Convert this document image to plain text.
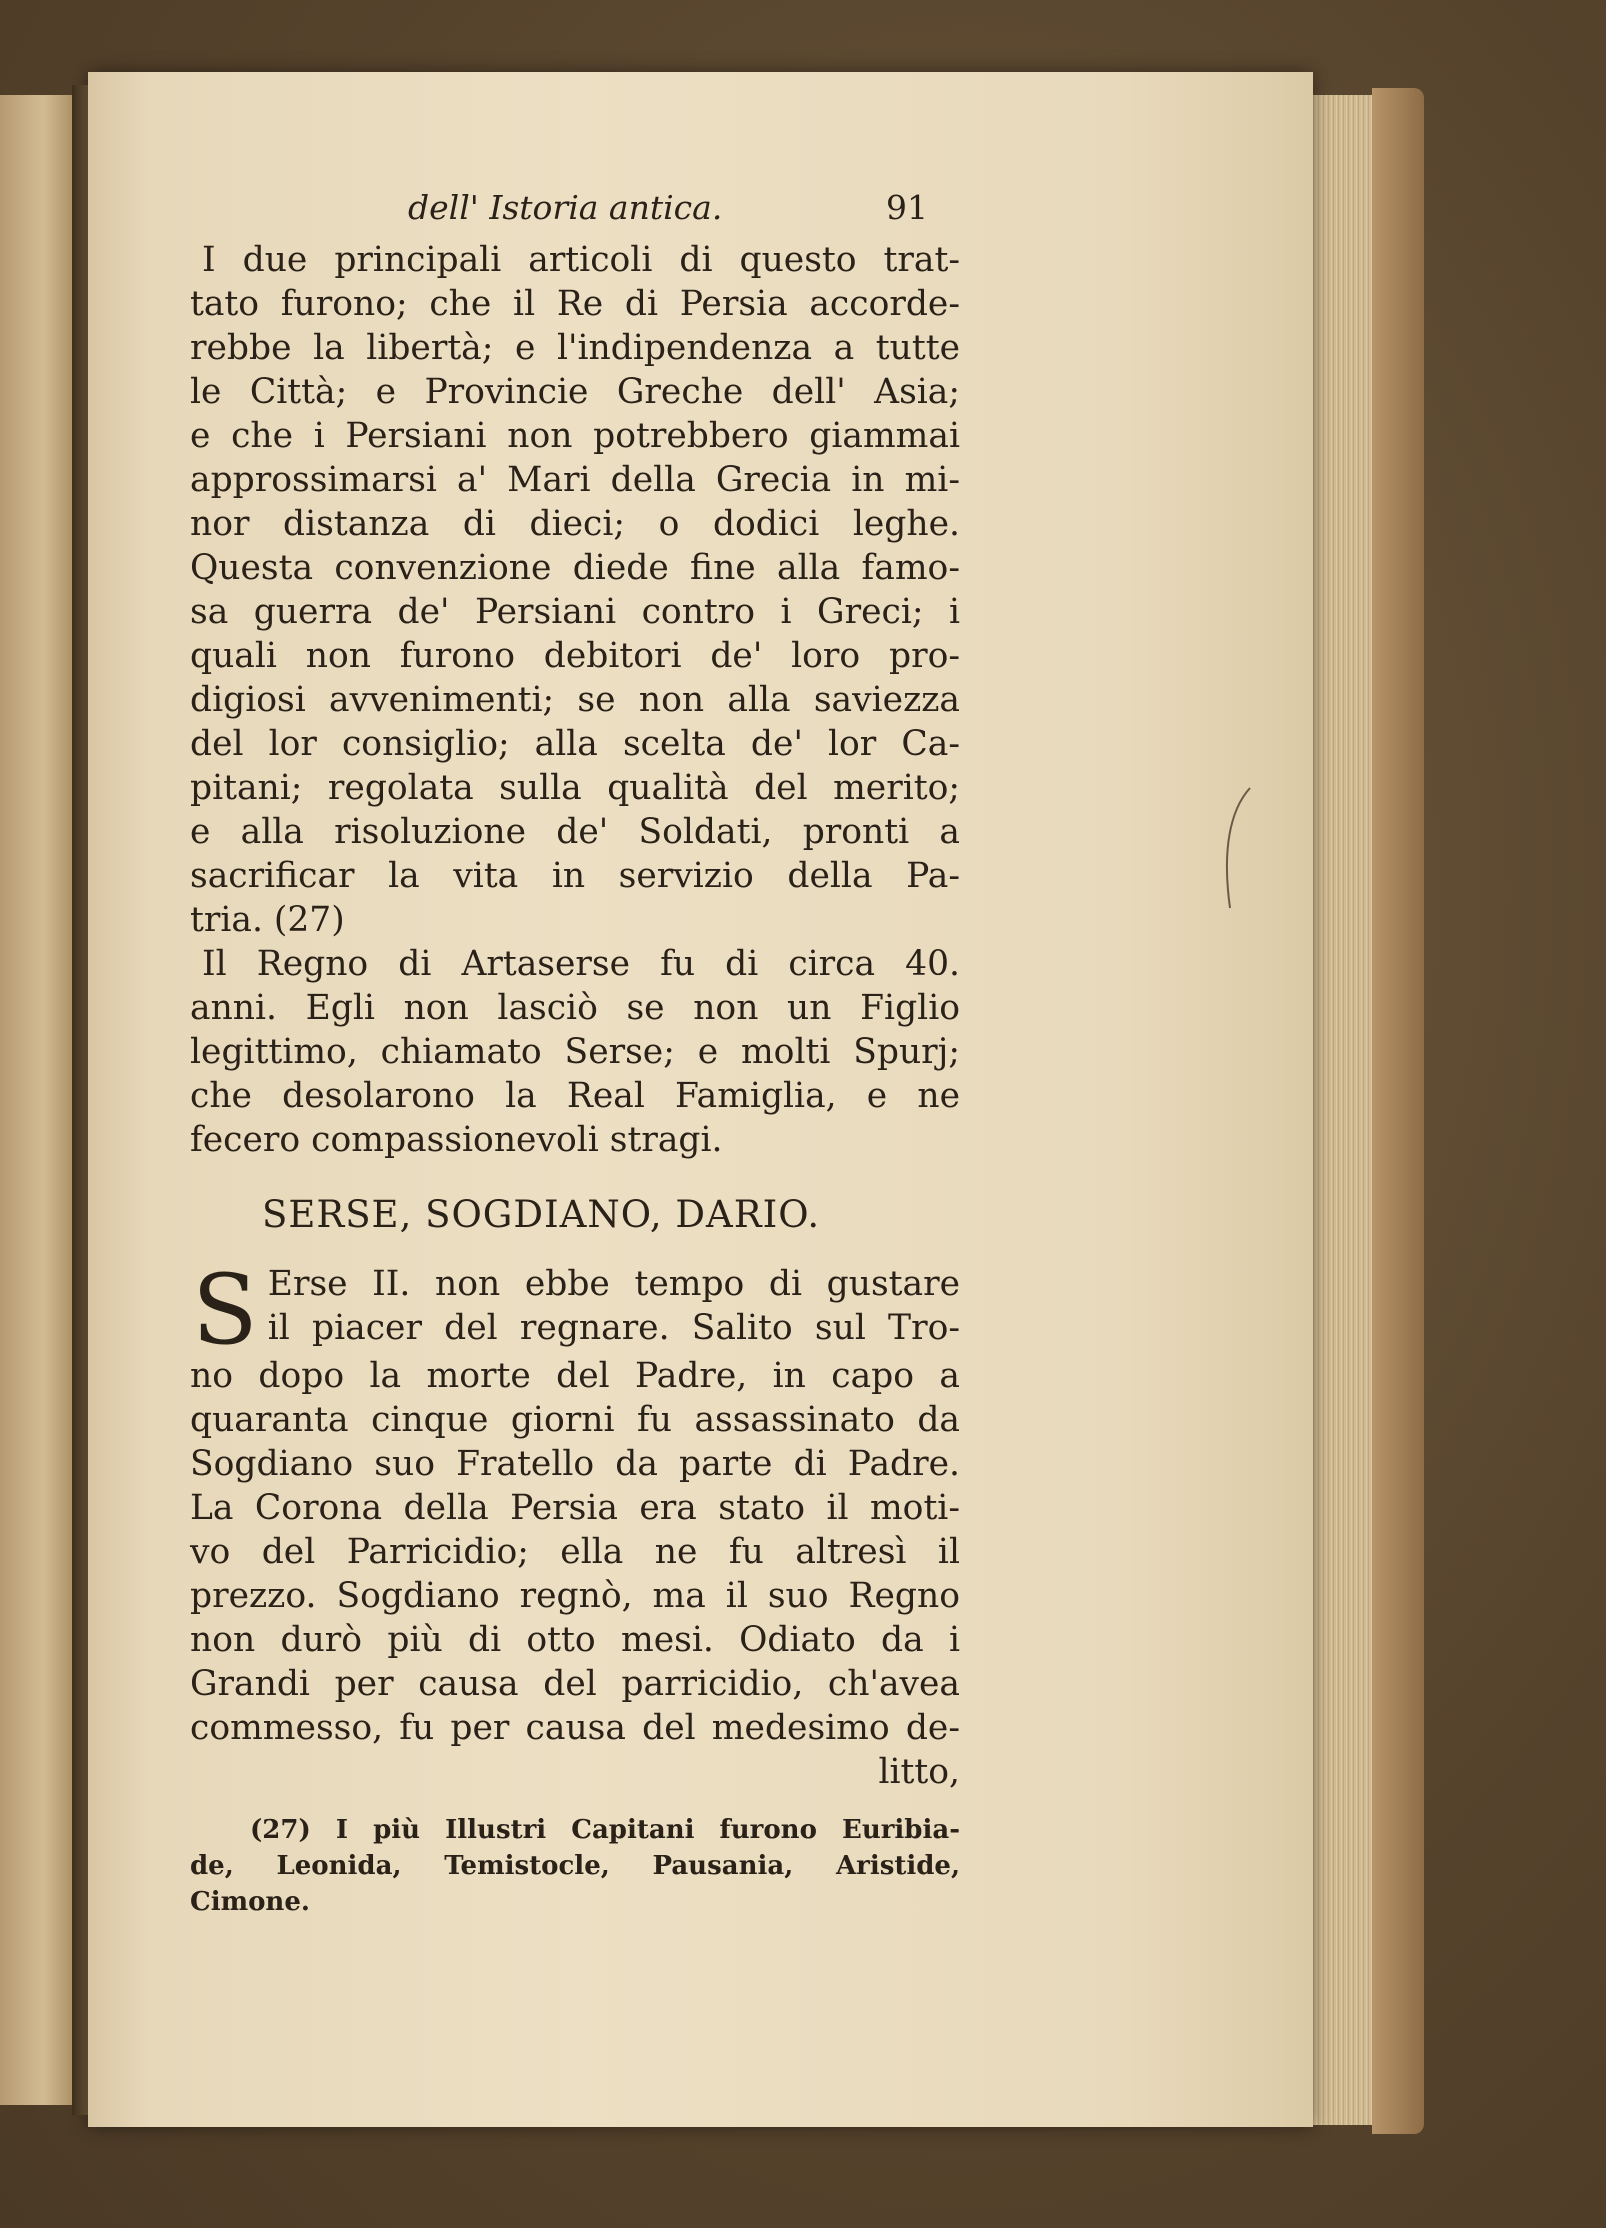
dell' Istoria antica.	91
I due principali articoli di questo trat-
tato furono; che il Re di Persia accorde-
rebbe la libertà; e l'indipendenza a tutte
le Città; e Provincie Greche dell' Asia;
e che i Persiani non potrebbero giammai
approssimarsi a' Mari della Grecia in mi-
nor distanza di dieci; o dodici leghe.
Questa convenzione diede fine alla famo-
sa guerra de' Persiani contro i Greci; i
quali non furono debitori de' loro pro-
digiosi avvenimenti; se non alla saviezza
del lor consiglio; alla scelta de' lor Ca-
pitani; regolata sulla qualità del merito;
e alla risoluzione de' Soldati, pronti a
sacrificar la vita in servizio della Pa-
tria. (27)
Il Regno di Artaserse fu di circa 40.
anni. Egli non lasciò se non un Figlio
legittimo, chiamato Serse; e molti Spurj;
che desolarono la Real Famiglia, e ne
fecero compassionevoli stragi.
SERSE, SOGDIANO, DARIO.
S Erse II. non ebbe tempo di gustare
il piacer del regnare. Salito sul Tro-
no dopo la morte del Padre, in capo a
quaranta cinque giorni fu assassinato da
Sogdiano suo Fratello da parte di Padre.
La Corona della Persia era stato il moti-
vo del Parricidio; ella ne fu altresì il
prezzo. Sogdiano regnò, ma il suo Regno
non durò più di otto mesi. Odiato da i
Grandi per causa del parricidio, ch'avea
commesso, fu per causa del medesimo de-
litto,
(27) I più Illustri Capitani furono Euribia-
de, Leonida, Temistocle, Pausania, Aristide,
Cimone.
